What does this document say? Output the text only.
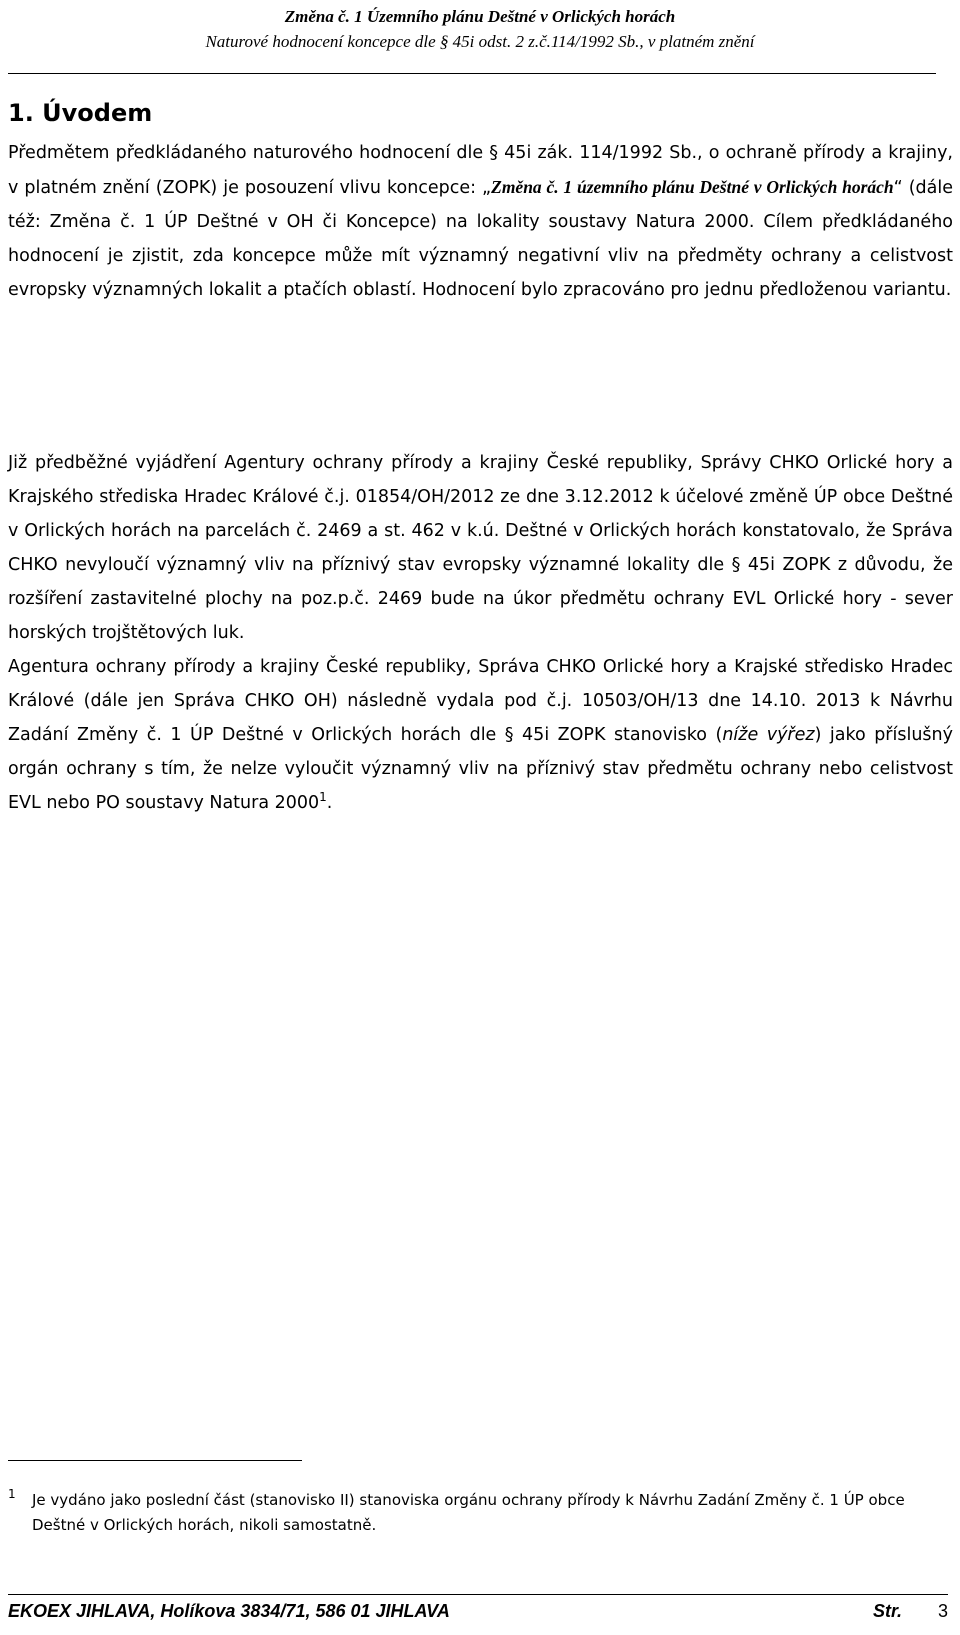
Změna č. 1 Územního plánu Deštné v Orlických horách
Naturové hodnocení koncepce dle § 45i odst. 2 z.č.114/1992 Sb., v platném znění
1. Úvodem
Předmětem předkládaného naturového hodnocení dle § 45i zák. 114/1992 Sb., o ochraně přírody a krajiny, v platném znění (ZOPK) je posouzení vlivu koncepce: „Změna č. 1 územního plánu Deštné v Orlických horách“ (dále též: Změna č. 1 ÚP Deštné v OH či Koncepce) na lokality soustavy Natura 2000. Cílem předkládaného hodnocení je zjistit, zda koncepce může mít významný negativní vliv na předměty ochrany a celistvost evropsky významných lokalit a ptačích oblastí. Hodnocení bylo zpracováno pro jednu předloženou variantu.
Již předběžné vyjádření Agentury ochrany přírody a krajiny České republiky, Správy CHKO Orlické hory a Krajského střediska Hradec Králové č.j. 01854/OH/2012 ze dne 3.12.2012 k účelové změně ÚP obce Deštné v Orlických horách na parcelách č. 2469 a st. 462 v k.ú. Deštné v Orlických horách konstatovalo, že Správa CHKO nevyloučí významný vliv na příznivý stav evropsky významné lokality dle § 45i ZOPK z důvodu, že rozšíření zastavitelné plochy na poz.p.č. 2469 bude na úkor předmětu ochrany EVL Orlické hory - sever horských trojštětových luk.
Agentura ochrany přírody a krajiny České republiky, Správa CHKO Orlické hory a Krajské středisko Hradec Králové (dále jen Správa CHKO OH) následně vydala pod č.j. 10503/OH/13 dne 14.10. 2013 k Návrhu Zadání Změny č. 1 ÚP Deštné v Orlických horách dle § 45i ZOPK stanovisko (níže výřez) jako příslušný orgán ochrany s tím, že nelze vyloučit významný vliv na příznivý stav předmětu ochrany nebo celistvost EVL nebo PO soustavy Natura 2000$^1$.
1	Je vydáno jako poslední část (stanovisko II) stanoviska orgánu ochrany přírody k Návrhu Zadání Změny č. 1 ÚP obce Deštné v Orlických horách, nikoli samostatně.
EKOEX JIHLAVA, Holíkova 3834/71, 586 01 JIHLAVA	Str. 3
